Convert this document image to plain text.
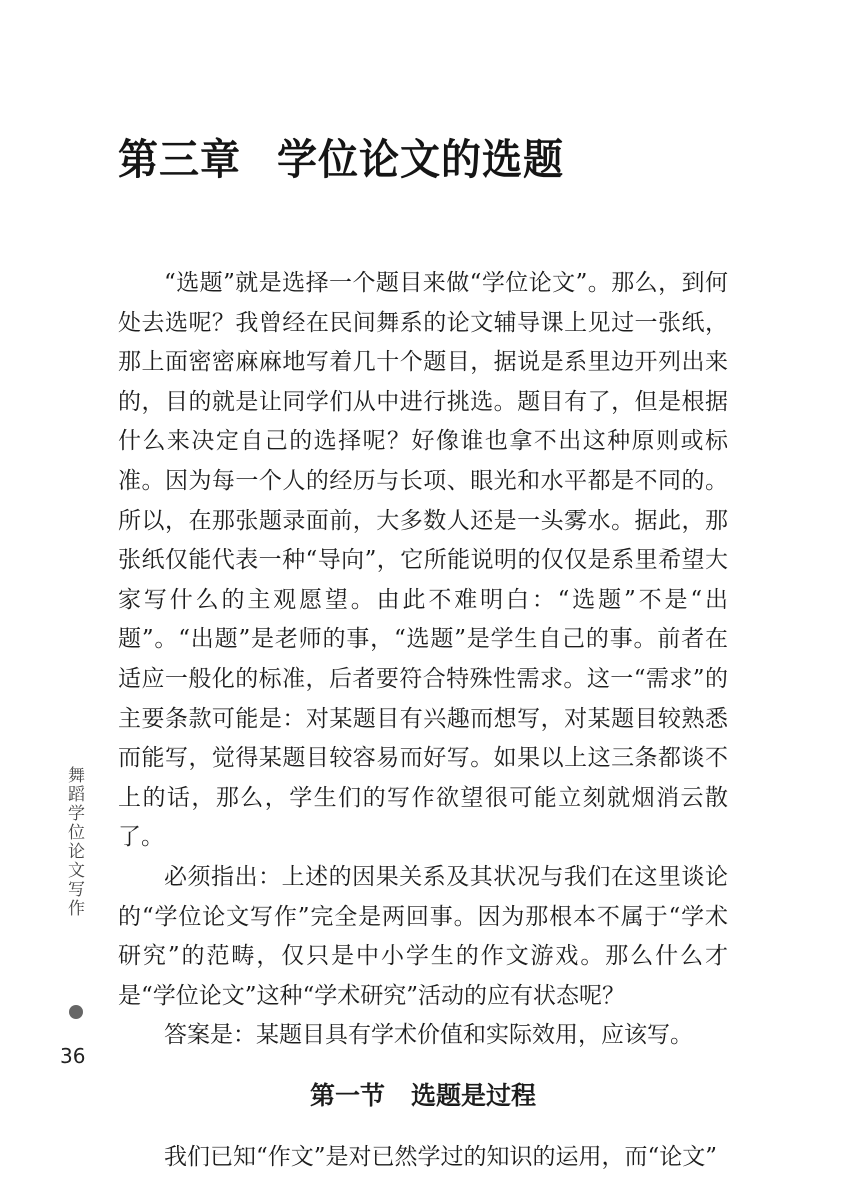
第三章 学位论文的选题

“选题”就是选择一个题目来做“学位论文”。那么，到何处去选呢？我曾经在民间舞系的论文辅导课上见过一张纸，那上面密密麻麻地写着几十个题目，据说是系里边开列出来的，目的就是让同学们从中进行挑选。题目有了，但是根据什么来决定自己的选择呢？好像谁也拿不出这种原则或标准。因为每一个人的经历与长项、眼光和水平都是不同的。所以，在那张题录面前，大多数人还是一头雾水。据此，那张纸仅能代表一种“导向”，它所能说明的仅仅是系里希望大家写什么的主观愿望。由此不难明白：“选题”不是“出题”。“出题”是老师的事，“选题”是学生自己的事。前者在适应一般化的标准，后者要符合特殊性需求。这一“需求”的主要条款可能是：对某题目有兴趣而想写，对某题目较熟悉而能写，觉得某题目较容易而好写。如果以上这三条都谈不上的话，那么，学生们的写作欲望很可能立刻就烟消云散了。

必须指出：上述的因果关系及其状况与我们在这里谈论的“学位论文写作”完全是两回事。因为那根本不属于“学术研究”的范畴，仅只是中小学生的作文游戏。那么什么才是“学位论文”这种“学术研究”活动的应有状态呢？

答案是：某题目具有学术价值和实际效用，应该写。

第一节 选题是过程

我们已知“作文”是对已然学过的知识的运用，而“论文”

舞蹈学位论文写作
36
